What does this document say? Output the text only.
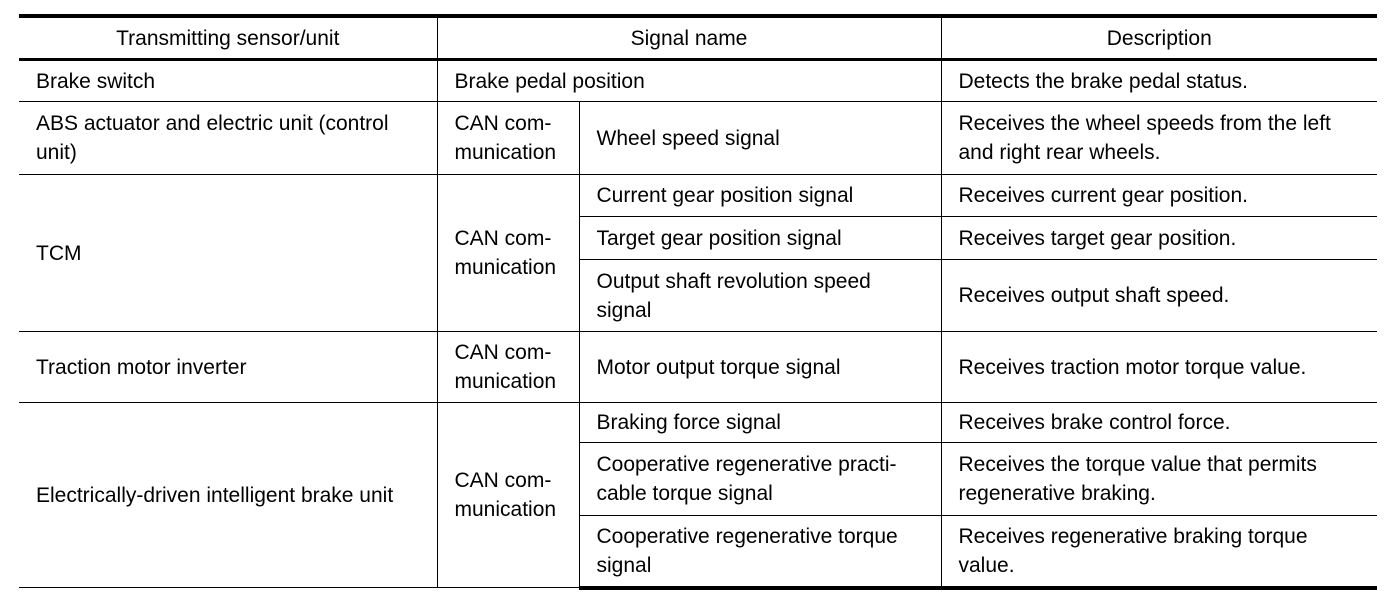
Transmitting sensor/unit	Signal name		Description
Brake switch	Brake pedal position		Detects the brake pedal status.
ABS actuator and electric unit (control unit)	CAN com-munication	Wheel speed signal	Receives the wheel speeds from the left and right rear wheels.
TCM	CAN com-munication	Current gear position signal	Receives current gear position.
		Target gear position signal	Receives target gear position.
		Output shaft revolution speed signal	Receives output shaft speed.
Traction motor inverter	CAN com-munication	Motor output torque signal	Receives traction motor torque value.
Electrically-driven intelligent brake unit	CAN com-munication	Braking force signal	Receives brake control force.
		Cooperative regenerative practi-cable torque signal	Receives the torque value that permits regenerative braking.
		Cooperative regenerative torque signal	Receives regenerative braking torque value.
